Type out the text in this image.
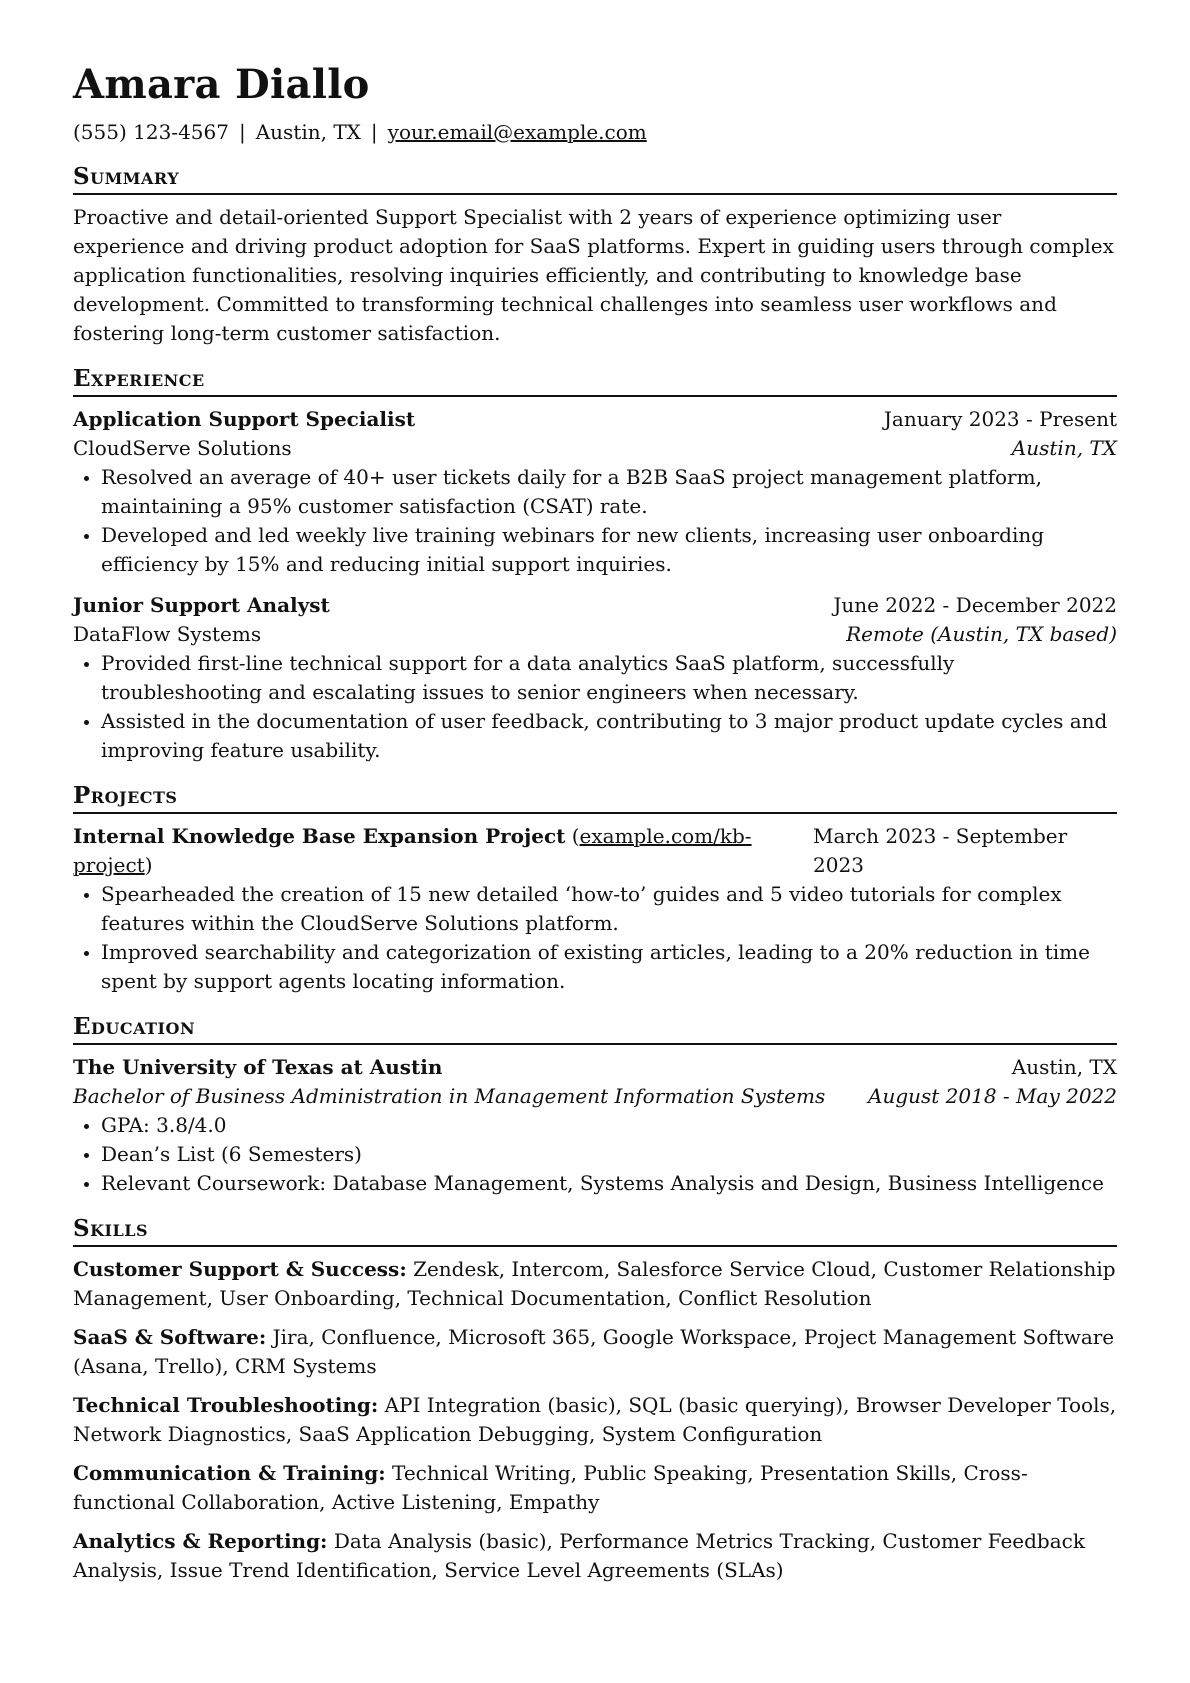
Amara Diallo
(555) 123-4567 | Austin, TX | your.email@example.com
Summary

Proactive and detail-oriented Support Specialist with 2 years of experience optimizing user experience and driving product adoption for SaaS platforms. Expert in guiding users through complex application functionalities, resolving inquiries efficiently, and contributing to knowledge base development. Committed to transforming technical challenges into seamless user workflows and fostering long-term customer satisfaction.

Experience
Application Support Specialist	January 2023 - Present
CloudServe Solutions	Austin, TX
• Resolved an average of 40+ user tickets daily for a B2B SaaS project management platform, maintaining a 95% customer satisfaction (CSAT) rate.
• Developed and led weekly live training webinars for new clients, increasing user onboarding efficiency by 15% and reducing initial support inquiries.
Junior Support Analyst	June 2022 - December 2022
DataFlow Systems	Remote (Austin, TX based)
• Provided first-line technical support for a data analytics SaaS platform, successfully troubleshooting and escalating issues to senior engineers when necessary.
• Assisted in the documentation of user feedback, contributing to 3 major product update cycles and improving feature usability.
Projects
Internal Knowledge Base Expansion Project (example.com/kb-project)
March 2023 - September 2023
• Spearheaded the creation of 15 new detailed ‘how-to’ guides and 5 video tutorials for complex features within the CloudServe Solutions platform.
• Improved searchability and categorization of existing articles, leading to a 20% reduction in time spent by support agents locating information.
Education
The University of Texas at Austin	Austin, TX
Bachelor of Business Administration in Management Information Systems August 2018 - May 2022
• GPA: 3.8/4.0
• Dean’s List (6 Semesters)
• Relevant Coursework: Database Management, Systems Analysis and Design, Business Intelligence
Skills
Customer Support & Success: Zendesk, Intercom, Salesforce Service Cloud, Customer Relationship Management, User Onboarding, Technical Documentation, Conflict Resolution
SaaS & Software: Jira, Confluence, Microsoft 365, Google Workspace, Project Management Software (Asana, Trello), CRM Systems
Technical Troubleshooting: API Integration (basic), SQL (basic querying), Browser Developer Tools, Network Diagnostics, SaaS Application Debugging, System Configuration
Communication & Training: Technical Writing, Public Speaking, Presentation Skills, Cross-functional Collaboration, Active Listening, Empathy
Analytics & Reporting: Data Analysis (basic), Performance Metrics Tracking, Customer Feedback Analysis, Issue Trend Identification, Service Level Agreements (SLAs)
